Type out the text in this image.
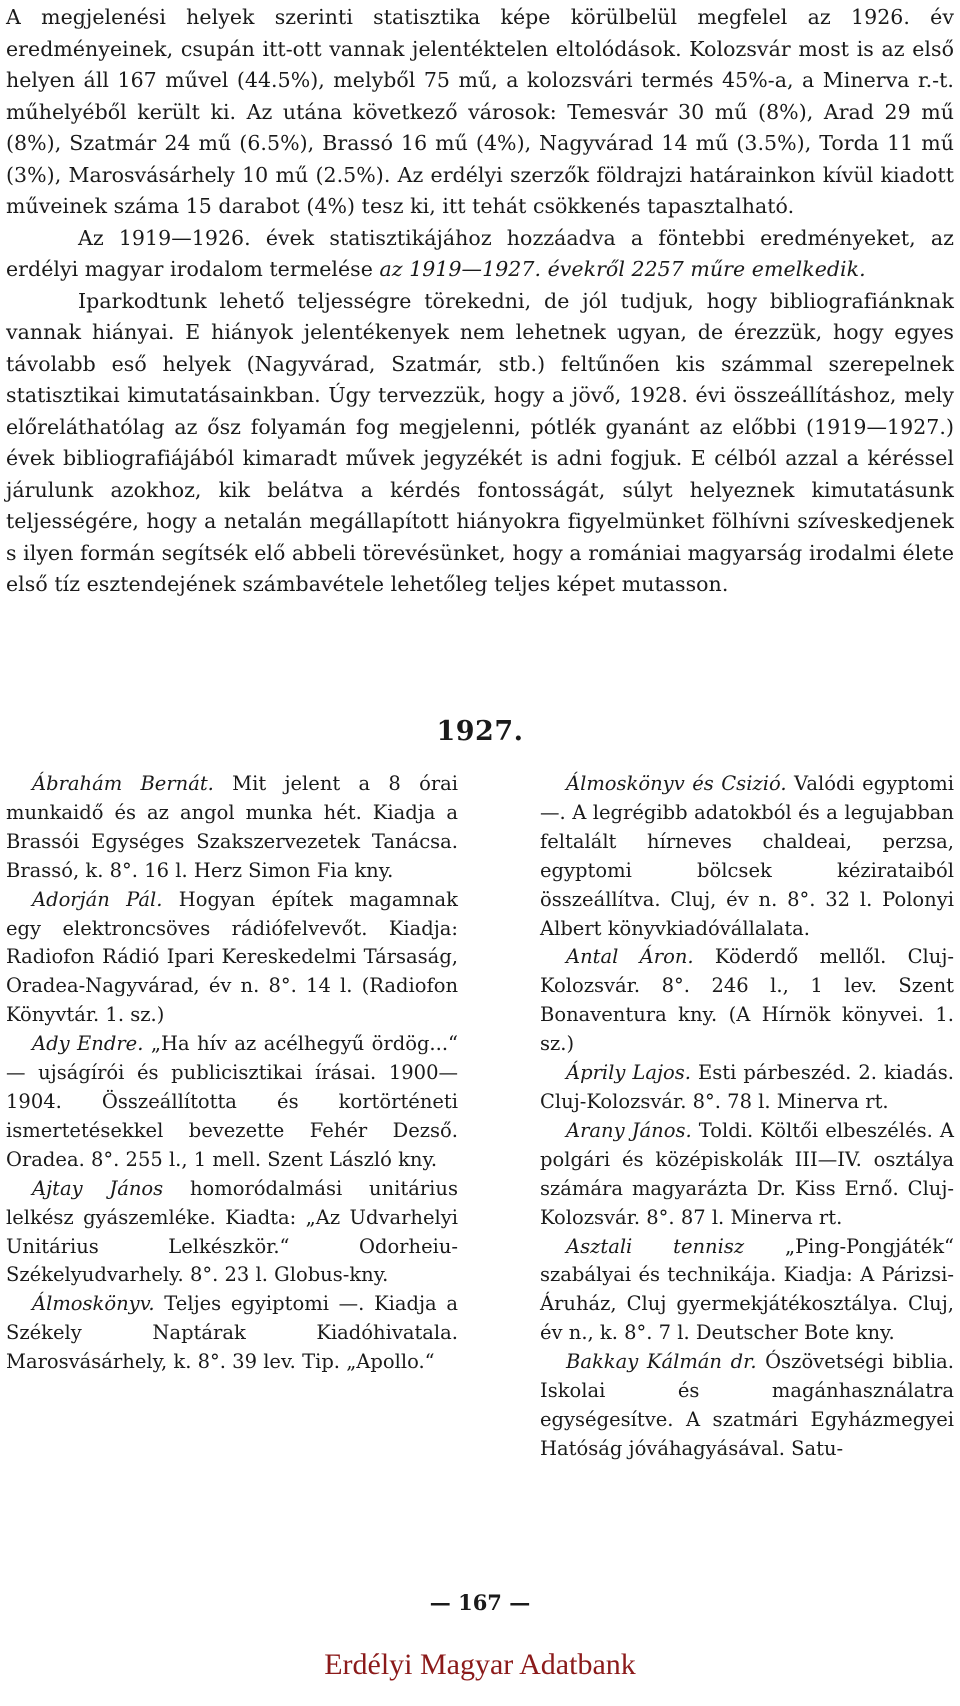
A megjelenési helyek szerinti statisztika képe körülbelül megfelel az 1926. év eredményeinek, csupán itt-ott vannak jelentéktelen eltolódások. Kolozsvár most is az első helyen áll 167 művel (44.5%), melyből 75 mű, a kolozsvári termés 45%-a, a Minerva r.-t. műhelyéből került ki. Az utána következő városok: Temesvár 30 mű (8%), Arad 29 mű (8%), Szatmár 24 mű (6.5%), Brassó 16 mű (4%), Nagyvárad 14 mű (3.5%), Torda 11 mű (3%), Marosvásárhely 10 mű (2.5%). Az erdélyi szerzők földrajzi határainkon kívül kiadott műveinek száma 15 darabot (4%) tesz ki, itt tehát csökkenés tapasztalható.

Az 1919—1926. évek statisztikájához hozzáadva a föntebbi eredményeket, az erdélyi magyar irodalom termelése az 1919—1927. évekről 2257 műre emelkedik.

Iparkodtunk lehető teljességre törekedni, de jól tudjuk, hogy bibliografiánknak vannak hiányai. E hiányok jelentékenyek nem lehetnek ugyan, de érezzük, hogy egyes távolabb eső helyek (Nagyvárad, Szatmár, stb.) feltűnően kis számmal szerepelnek statisztikai kimutatásainkban. Úgy tervezzük, hogy a jövő, 1928. évi összeállításhoz, mely előreláthatólag az ősz folyamán fog megjelenni, pótlék gyanánt az előbbi (1919—1927.) évek bibliografiájából kimaradt művek jegyzékét is adni fogjuk. E célból azzal a kéréssel járulunk azokhoz, kik belátva a kérdés fontosságát, súlyt helyeznek kimutatásunk teljességére, hogy a netalán megállapított hiányokra figyelmünket fölhívni szíveskedjenek s ilyen formán segítsék elő abbeli törevésünket, hogy a romániai magyarság irodalmi élete első tíz esztendejének számbavétele lehetőleg teljes képet mutasson.

1927.

Ábrahám Bernát. Mit jelent a 8 órai munkaidő és az angol munka hét. Kiadja a Brassói Egységes Szakszervezetek Tanácsa. Brassó, k. 8°. 16 l. Herz Simon Fia kny.

Adorján Pál. Hogyan építek magamnak egy elektroncsöves rádiófelvevőt. Kiadja: Radiofon Rádió Ipari Kereskedelmi Társaság, Oradea-Nagyvárad, év n. 8°. 14 l. (Radiofon Könyvtár. 1. sz.)

Ady Endre. „Ha hív az acélhegyű ördög...“ — ujságírói és publicisztikai írásai. 1900—1904. Összeállította és kortörténeti ismertetésekkel bevezette Fehér Dezső. Oradea. 8°. 255 l., 1 mell. Szent László kny.

Ajtay János homoródalmási unitárius lelkész gyászemléke. Kiadta: „Az Udvarhelyi Unitárius Lelkészkör.“ Odorheiu-Székelyudvarhely. 8°. 23 l. Globus-kny.

Álmoskönyv. Teljes egyiptomi —. Kiadja a Székely Naptárak Kiadóhivatala. Marosvásárhely, k. 8°. 39 lev. Tip. „Apollo.“

Álmoskönyv és Csizió. Valódi egyptomi —. A legrégibb adatokból és a legujabban feltalált hírneves chaldeai, perzsa, egyptomi bölcsek kézirataiból összeállítva. Cluj, év n. 8°. 32 l. Polonyi Albert könyvkiadóvállalata.

Antal Áron. Köderdő mellől. Cluj-Kolozsvár. 8°. 246 l., 1 lev. Szent Bonaventura kny. (A Hírnök könyvei. 1. sz.)

Áprily Lajos. Esti párbeszéd. 2. kiadás. Cluj-Kolozsvár. 8°. 78 l. Minerva rt.

Arany János. Toldi. Költői elbeszélés. A polgári és középiskolák III—IV. osztálya számára magyarázta Dr. Kiss Ernő. Cluj-Kolozsvár. 8°. 87 l. Minerva rt.

Asztali tennisz „Ping-Pongjáték“ szabályai és technikája. Kiadja: A Párizsi-Áruház, Cluj gyermekjátékosztálya. Cluj, év n., k. 8°. 7 l. Deutscher Bote kny.

Bakkay Kálmán dr. Ószövetségi biblia. Iskolai és magánhasználatra egységesítve. A szatmári Egyházmegyei Hatóság jóváhagyásával. Satu-

— 167 —
Erdélyi Magyar Adatbank
